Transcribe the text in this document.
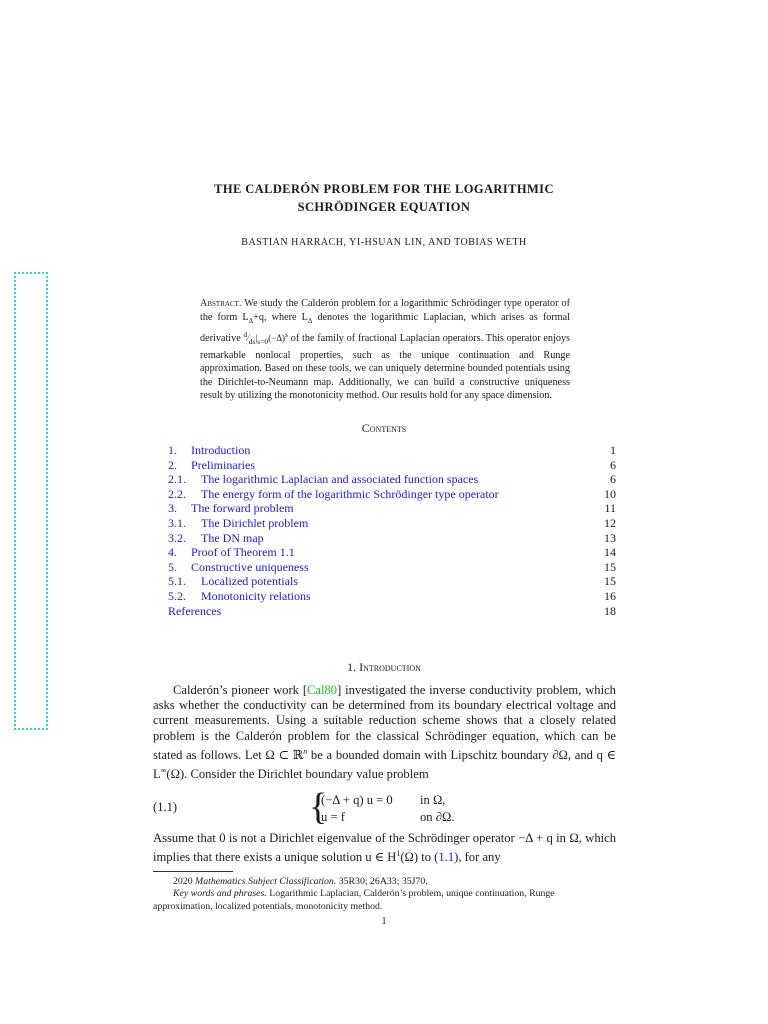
THE CALDERÓN PROBLEM FOR THE LOGARITHMIC
SCHRÖDINGER EQUATION
BASTIAN HARRACH, YI-HSUAN LIN, AND TOBIAS WETH
Abstract. We study the Calderón problem for a logarithmic Schrödinger type operator of the form $L_\Delta+q$, where $L_\Delta$ denotes the logarithmic Laplacian, which arises as formal derivative $^d⁄_{ds}|_{s=0}(-\Delta)^s$ of the family of fractional Laplacian operators. This operator enjoys remarkable nonlocal properties, such as the unique continuation and Runge approximation. Based on these tools, we can uniquely determine bounded potentials using the Dirichlet-to-Neumann map. Additionally, we can build a constructive uniqueness result by utilizing the monotonicity method. Our results hold for any space dimension.
Contents
1. Introduction	1
2. Preliminaries	6
2.1. The logarithmic Laplacian and associated function spaces	6
2.2. The energy form of the logarithmic Schrödinger type operator	10
3. The forward problem	11
3.1. The Dirichlet problem	12
3.2. The DN map	13
4. Proof of Theorem 1.1	14
5. Constructive uniqueness	15
5.1. Localized potentials	15
5.2. Monotonicity relations	16
References	18
1. Introduction
Calderón’s pioneer work [Cal80] investigated the inverse conductivity problem, which asks whether the conductivity can be determined from its boundary electrical voltage and current measurements. Using a suitable reduction scheme shows that a closely related problem is the Calderón problem for the classical Schrödinger equation, which can be stated as follows. Let Ω ⊂ ℝ$^n$ be a bounded domain with Lipschitz boundary ∂Ω, and q ∈ L∞(Ω). Consider the Dirichlet boundary value problem
(1.1)	{
(−Δ + q) u = 0 in Ω,
u = f	on ∂Ω.
Assume that 0 is not a Dirichlet eigenvalue of the Schrödinger operator −Δ + q in Ω, which implies that there exists a unique solution u ∈ $H^1(\Omega)$ to (1.1), for any
2020 Mathematics Subject Classification. 35R30; 26A33; 35J70.
Key words and phrases. Logarithmic Laplacian, Calderón’s problem, unique continuation, Runge approximation, localized potentials, monotonicity method.
1
